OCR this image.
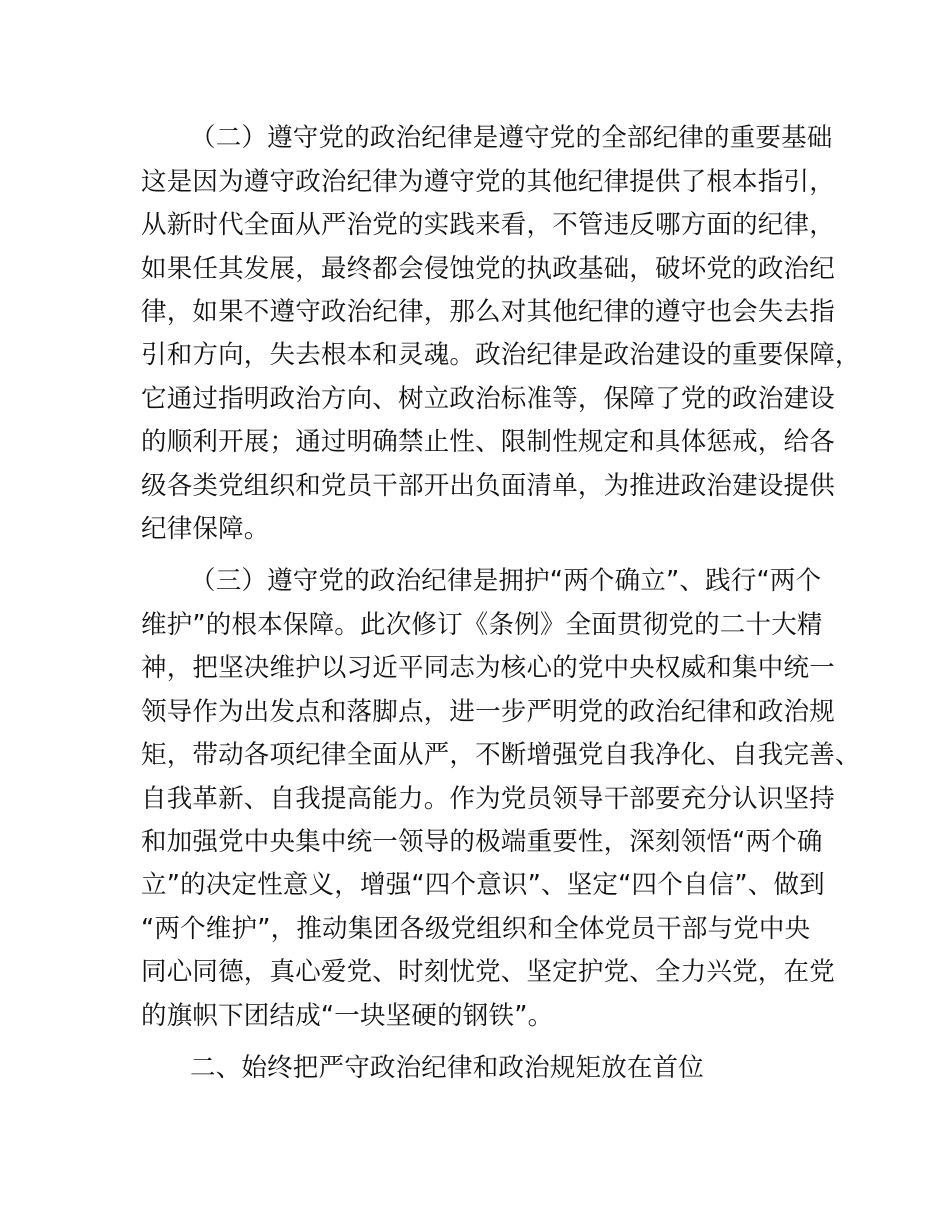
（二）遵守党的政治纪律是遵守党的全部纪律的重要基础
这是因为遵守政治纪律为遵守党的其他纪律提供了根本指引，
从新时代全面从严治党的实践来看，不管违反哪方面的纪律，
如果任其发展，最终都会侵蚀党的执政基础，破坏党的政治纪
律，如果不遵守政治纪律，那么对其他纪律的遵守也会失去指
引和方向，失去根本和灵魂。政治纪律是政治建设的重要保障，
它通过指明政治方向、树立政治标准等，保障了党的政治建设
的顺利开展；通过明确禁止性、限制性规定和具体惩戒，给各
级各类党组织和党员干部开出负面清单，为推进政治建设提供
纪律保障。
（三）遵守党的政治纪律是拥护“两个确立”、践行“两个
维护”的根本保障。此次修订《条例》全面贯彻党的二十大精
神，把坚决维护以习近平同志为核心的党中央权威和集中统一
领导作为出发点和落脚点，进一步严明党的政治纪律和政治规
矩，带动各项纪律全面从严，不断增强党自我净化、自我完善、
自我革新、自我提高能力。作为党员领导干部要充分认识坚持
和加强党中央集中统一领导的极端重要性，深刻领悟“两个确
立”的决定性意义，增强“四个意识”、坚定“四个自信”、做到
“两个维护”，推动集团各级党组织和全体党员干部与党中央
同心同德，真心爱党、时刻忧党、坚定护党、全力兴党，在党
的旗帜下团结成“一块坚硬的钢铁”。
二、始终把严守政治纪律和政治规矩放在首位
